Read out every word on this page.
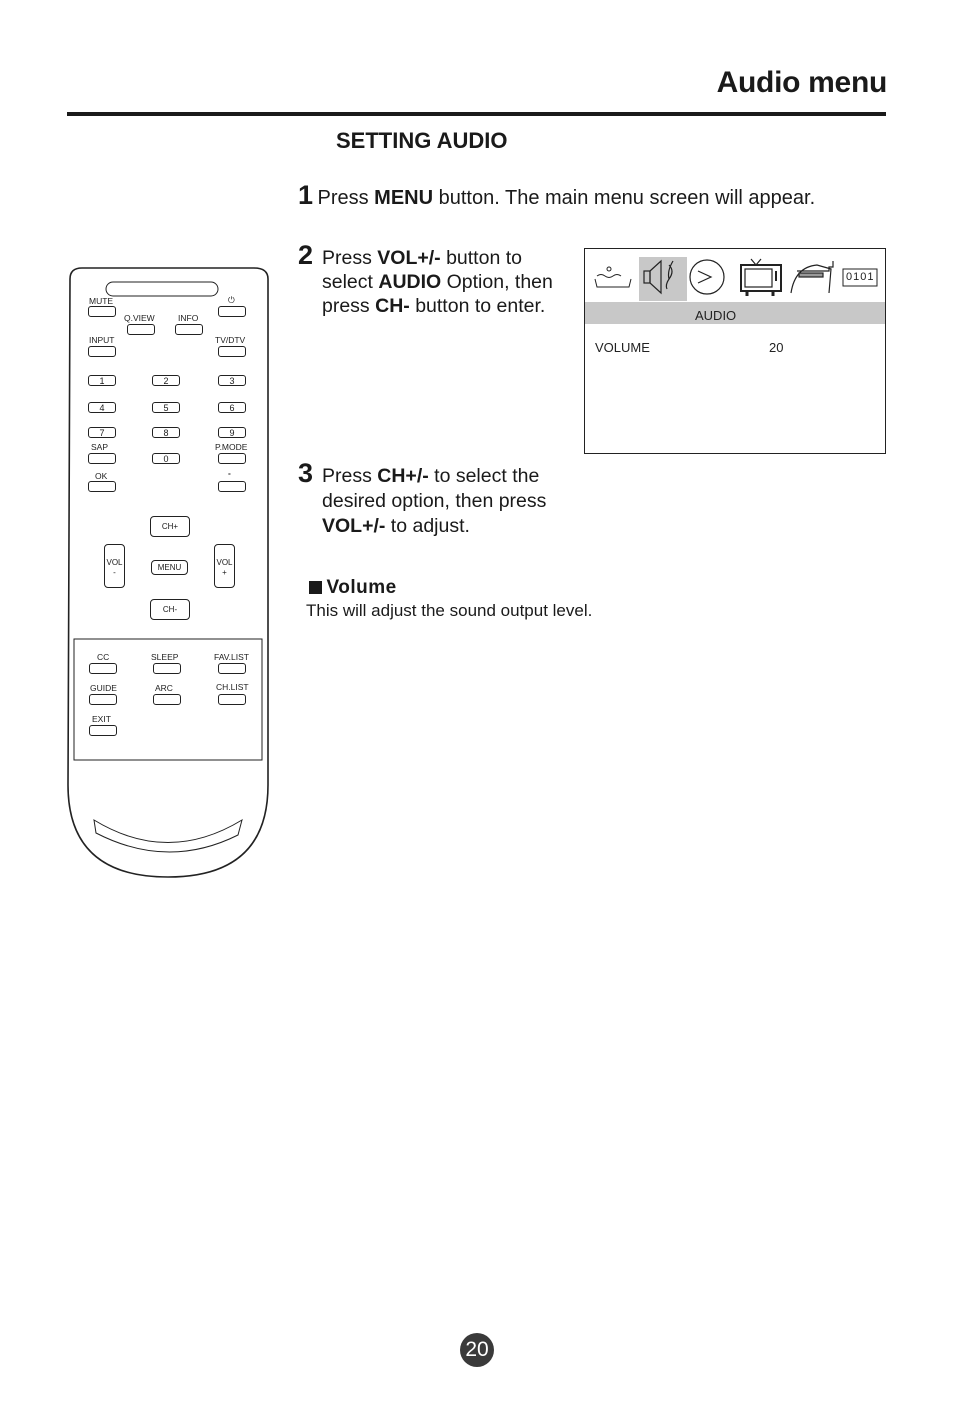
Audio menu
SETTING AUDIO
1 Press MENU button. The main menu screen will appear.
2 Press VOL+/- button to select AUDIO Option, then press CH- button to enter.
3 Press CH+/- to select the desired option, then press VOL+/- to adjust.
Volume
This will adjust the sound output level.
0101
AUDIO
VOLUME	20
MUTE	⏻
Q.VIEW	INFO
INPUT	TV/DTV
1	2	3
4	5	6
7	8	9
SAP	P.MODE
0
OK	-
CH+
VOL
-
MENU
VOL
+
CH-
CC	SLEEP	FAV.LIST
GUIDE	ARC	CH.LIST
EXIT
20
